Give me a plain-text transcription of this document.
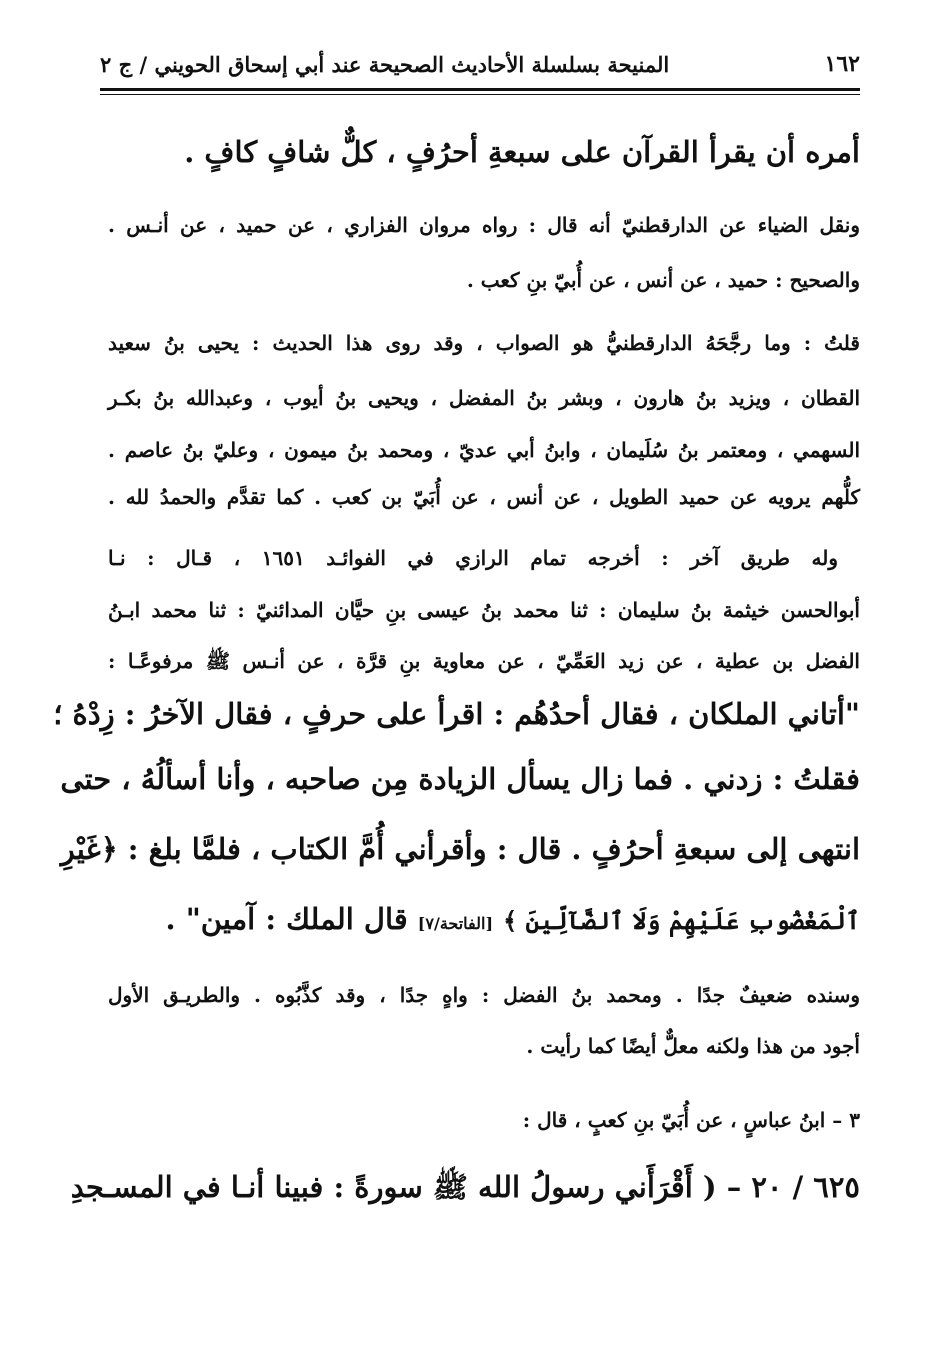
١٦٢
المنيحة بسلسلة الأحاديث الصحيحة عند أبي إسحاق الحويني / ج ٢
أمره أن يقرأ القرآن على سبعةِ أحرُفٍ ، كلٌّ شافٍ كافٍ .
ونقل الضياء عن الدارقطنيّ أنه قال : رواه مروان الفزاري ، عن حميد ، عن أنـس .
والصحيح : حميد ، عن أنس ، عن أُبيّ بنِ كعب .
قلتُ : وما رجَّحَهُ الدارقطنيُّ هو الصواب ، وقد روى هذا الحديث : يحيى بنُ سعيد
القطان ، ويزيد بنُ هارون ، وبشر بنُ المفضل ، ويحيى بنُ أيوب ، وعبدالله بنُ بكـر
السهمي ، ومعتمر بنُ سُلَيمان ، وابنُ أبي عديّ ، ومحمد بنُ ميمون ، وعليّ بنُ عاصم .
كلُّهم يرويه عن حميد الطويل ، عن أنس ، عن أُبَيّ بن كعب . كما تقدَّم والحمدُ لله .
وله طريق آخر : أخرجه تمام الرازي في الفوائـد ١٦٥١ ، قـال : نـا
أبوالحسن خيثمة بنُ سليمان : ثنا محمد بنُ عيسى بنِ حيَّان المدائنيّ : ثنا محمد ابـنُ
الفضل بن عطية ، عن زيد العَمِّيّ ، عن معاوية بنِ قرَّة ، عن أنـس ﷺ مرفوعًـا :
"أتاني الملكان ، فقال أحدُهُم : اقرأ على حرفٍ ، فقال الآخرُ : زِدْهُ ؛
فقلتُ : زدني . فما زال يسأل الزيادة مِن صاحبه ، وأنا أسألُهُ ، حتى
انتهى إلى سبعةِ أحرُفٍ . قال : وأقرأني أُمَّ الكتاب ، فلمَّا بلغ : ﴿غَيْرِ
ٱلْمَغْضُوبِ عَلَيْهِمْ وَلَا ٱلضَّآلِّينَ ﴾ [الفاتحة/٧] قال الملك : آمين" .
وسنده ضعيفٌ جدًا . ومحمد بنُ الفضل : واهٍ جدًا ، وقد كذَّبُوه . والطريـق الأول
أجود من هذا ولكنه معلٌّ أيضًا كما رأيت .
٣ – ابنُ عباسٍ ، عن أُبَيّ بنِ كعبٍ ، قال :
٦٢٥ / ٢٠ – ( أَقْرَأَني رسولُ الله ﷺ سورةً : فبينا أنـا في المسـجدِ
